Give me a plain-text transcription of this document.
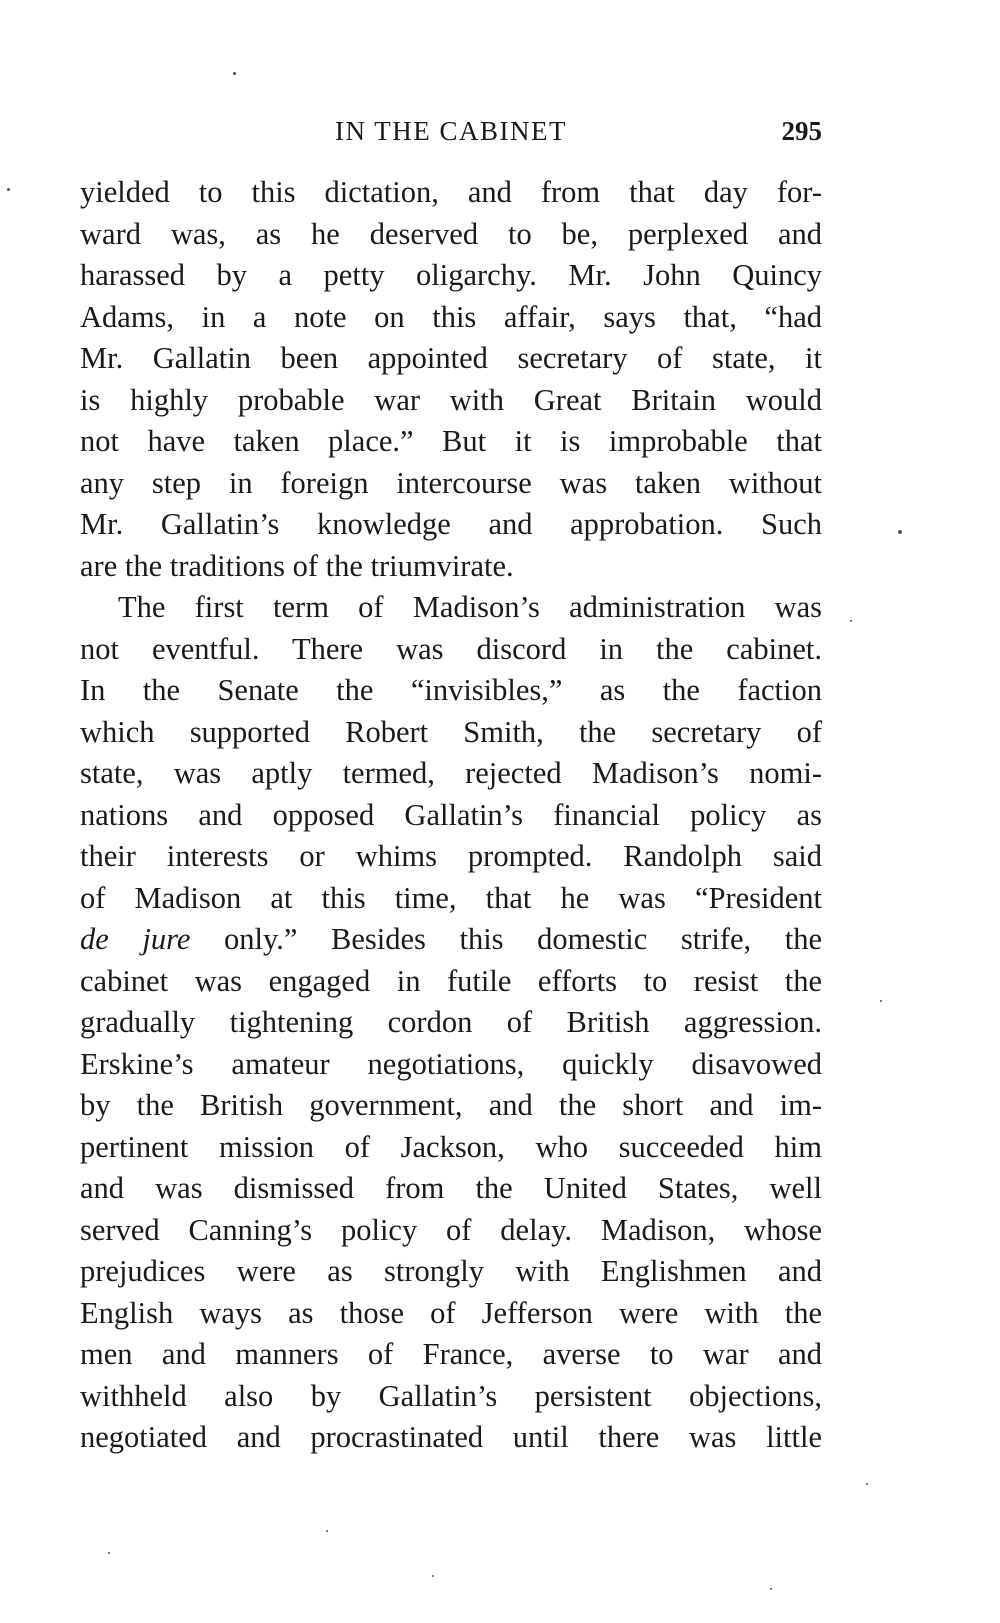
IN THE CABINET	295
yielded to this dictation, and from that day for-
ward was, as he deserved to be, perplexed and
harassed by a petty oligarchy. Mr. John Quincy
Adams, in a note on this affair, says that, “had
Mr. Gallatin been appointed secretary of state, it
is highly probable war with Great Britain would
not have taken place.” But it is improbable that
any step in foreign intercourse was taken without
Mr. Gallatin’s knowledge and approbation. Such
are the traditions of the triumvirate.
The first term of Madison’s administration was
not eventful. There was discord in the cabinet.
In the Senate the “invisibles,” as the faction
which supported Robert Smith, the secretary of
state, was aptly termed, rejected Madison’s nomi-
nations and opposed Gallatin’s financial policy as
their interests or whims prompted. Randolph said
of Madison at this time, that he was “President
de jure only.” Besides this domestic strife, the
cabinet was engaged in futile efforts to resist the
gradually tightening cordon of British aggression.
Erskine’s amateur negotiations, quickly disavowed
by the British government, and the short and im-
pertinent mission of Jackson, who succeeded him
and was dismissed from the United States, well
served Canning’s policy of delay. Madison, whose
prejudices were as strongly with Englishmen and
English ways as those of Jefferson were with the
men and manners of France, averse to war and
withheld also by Gallatin’s persistent objections,
negotiated and procrastinated until there was little
